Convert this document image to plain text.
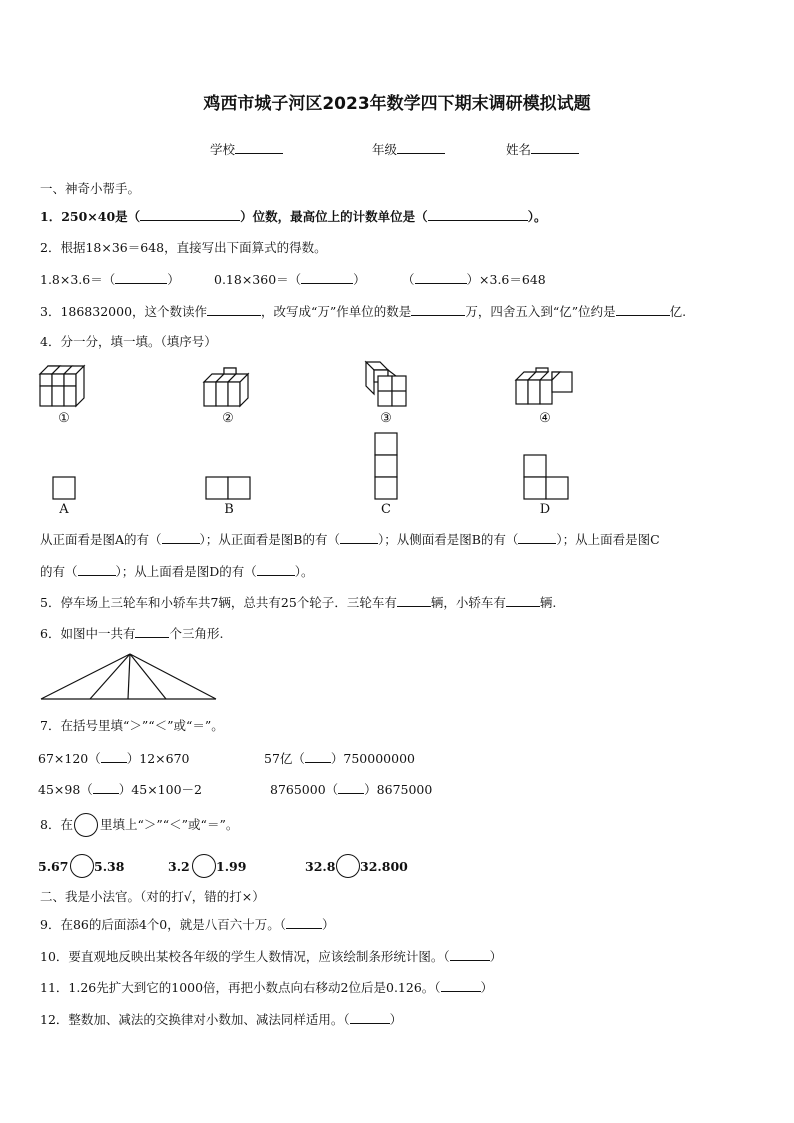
鸡西市城子河区2023年数学四下期末调研模拟试题
学校	年级	姓名
一、神奇小帮手。
1．250×40是（	）位数，最高位上的计数单位是（	）。
2．根据18×36＝648，直接写出下面算式的得数。
1.8×3.6＝（	）	0.18×360＝（	）	（	）×3.6＝648
3．186832000，这个数读作	，改写成“万”作单位的数是	万，四舍五入到“亿”位约是	亿.
4．分一分，填一填。（填序号）
①	②	③	④
A	B	C	D
从正面看是图A的有（	）；从正面看是图B的有（	）；从侧面看是图B的有（	）；从上面看是图C
的有（	）；从上面看是图D的有（	）。
5．停车场上三轮车和小轿车共7辆，总共有25个轮子．三轮车有	辆，小轿车有	辆.
6．如图中一共有	个三角形.
7．在括号里填“＞”“＜”或“＝”。
67×120（ ）12×670	57亿（ ）750000000
45×98（ ）45×100－2	8765000（ ）8675000
8．在 里填上“＞”“＜”或“＝”。
5.67 5.38	3.2 1.99	32.8 32.800
二、我是小法官。（对的打√，错的打×）
9．在86的后面添4个0，就是八百六十万。（	）
10．要直观地反映出某校各年级的学生人数情况，应该绘制条形统计图。（	）
11．1.26先扩大到它的1000倍，再把小数点向右移动2位后是0.126。（	）
12．整数加、减法的交换律对小数加、减法同样适用。（	）
